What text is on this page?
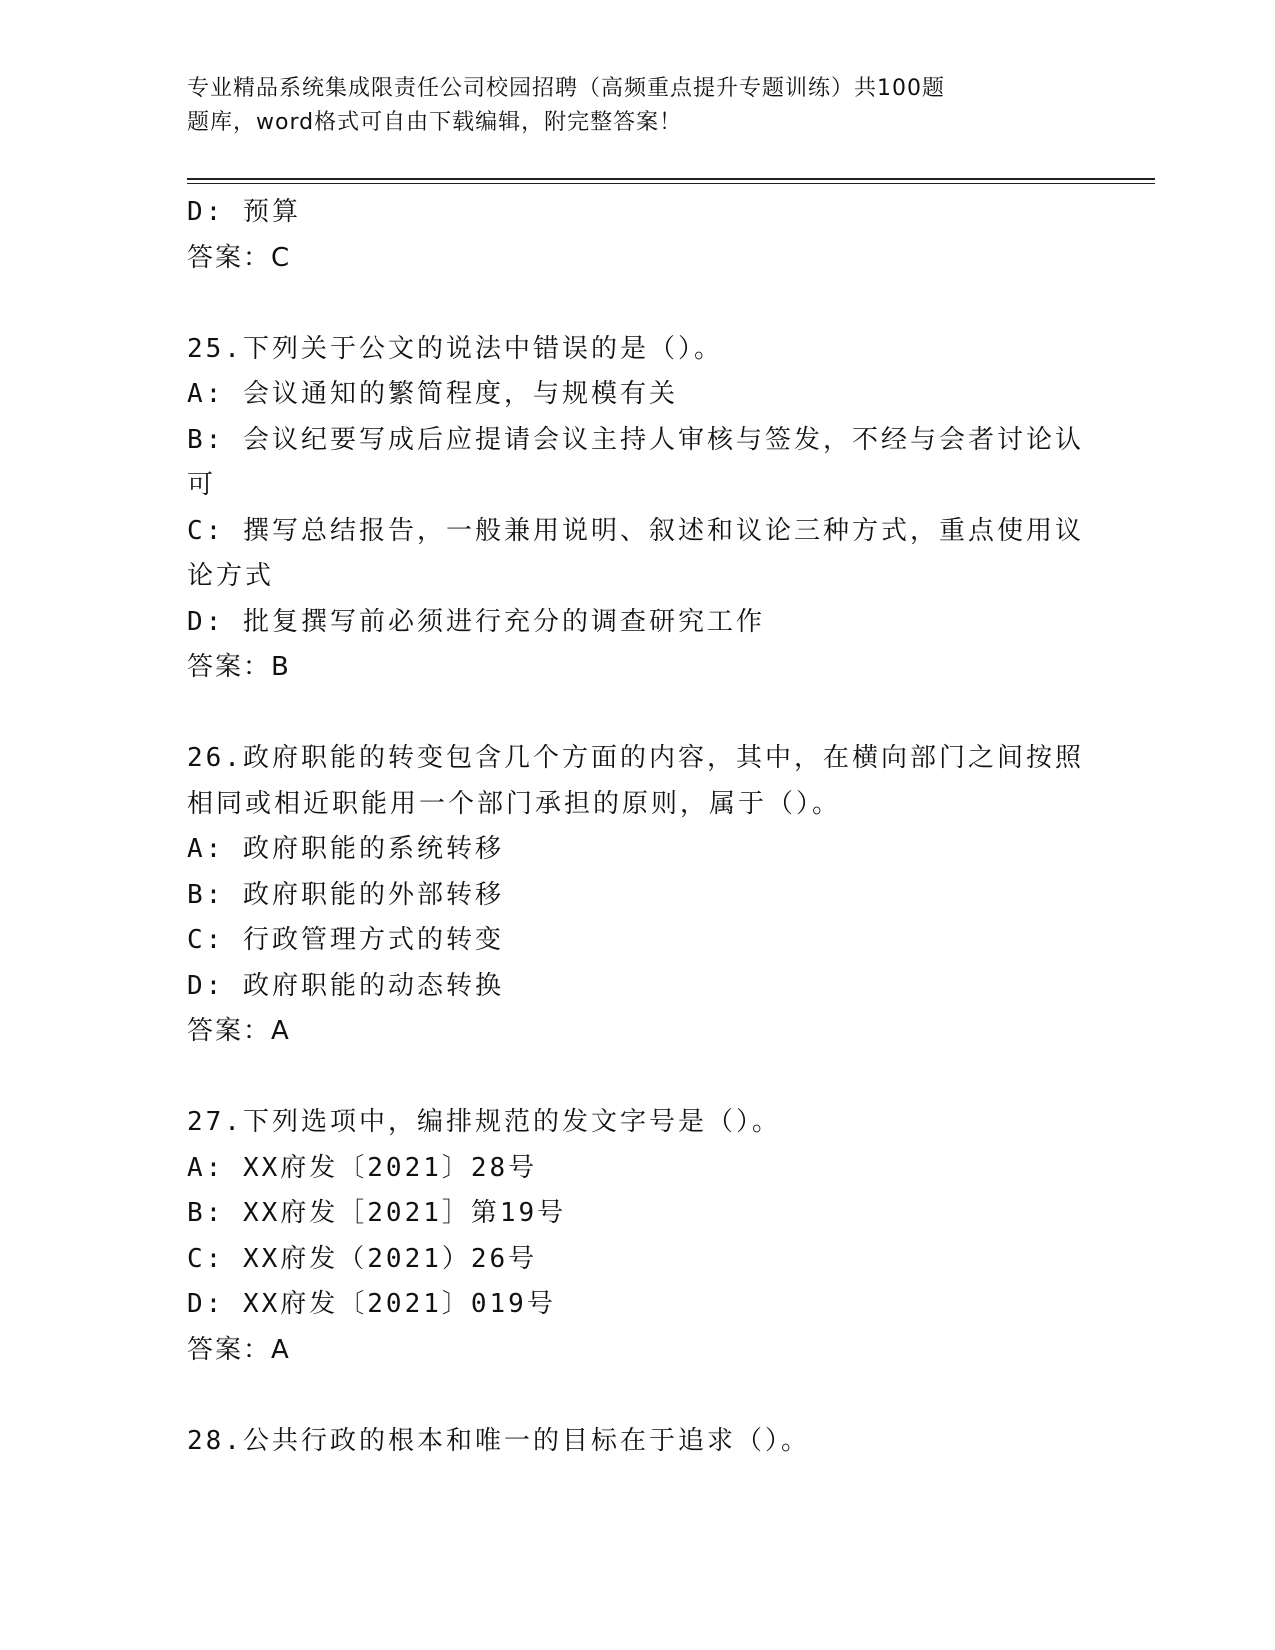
专业精品系统集成限责任公司校园招聘（高频重点提升专题训练）共100题
题库，word格式可自由下载编辑，附完整答案！
D: 预算
答案：C
25.下列关于公文的说法中错误的是（）。
A: 会议通知的繁简程度，与规模有关
B: 会议纪要写成后应提请会议主持人审核与签发，不经与会者讨论认
可
C: 撰写总结报告，一般兼用说明、叙述和议论三种方式，重点使用议
论方式
D: 批复撰写前必须进行充分的调查研究工作
答案：B
26.政府职能的转变包含几个方面的内容，其中，在横向部门之间按照
相同或相近职能用一个部门承担的原则，属于（）。
A: 政府职能的系统转移
B: 政府职能的外部转移
C: 行政管理方式的转变
D: 政府职能的动态转换
答案：A
27.下列选项中，编排规范的发文字号是（）。
A: XX府发〔2021〕28号
B: XX府发［2021］第19号
C: XX府发（2021）26号
D: XX府发〔2021〕019号
答案：A
28.公共行政的根本和唯一的目标在于追求（）。
